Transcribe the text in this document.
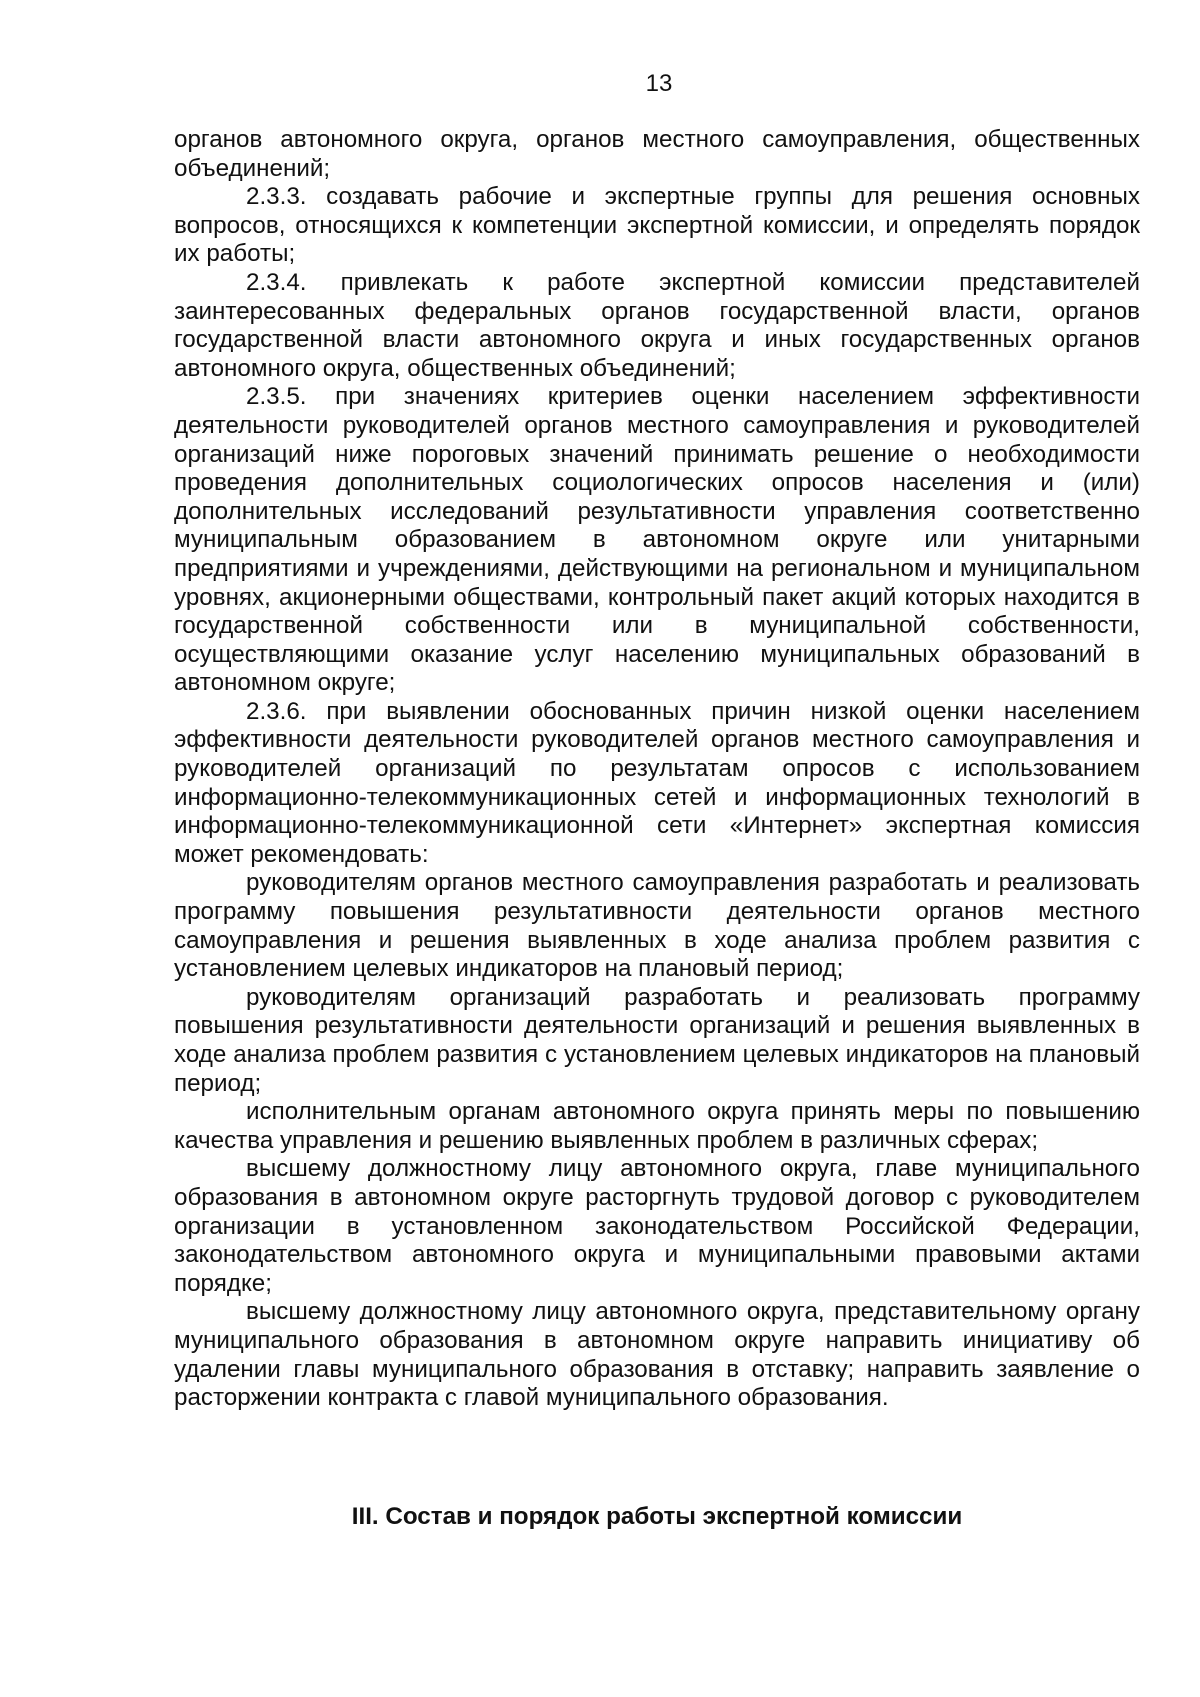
13

органов автономного округа, органов местного самоуправления, общественных объединений;

2.3.3. создавать рабочие и экспертные группы для решения основных вопросов, относящихся к компетенции экспертной комиссии, и определять порядок их работы;

2.3.4. привлекать к работе экспертной комиссии представителей заинтересованных федеральных органов государственной власти, органов государственной власти автономного округа и иных государственных органов автономного округа, общественных объединений;

2.3.5. при значениях критериев оценки населением эффективности деятельности руководителей органов местного самоуправления и руководителей организаций ниже пороговых значений принимать решение о необходимости проведения дополнительных социологических опросов населения и (или) дополнительных исследований результативности управления соответственно муниципальным образованием в автономном округе или унитарными предприятиями и учреждениями, действующими на региональном и муниципальном уровнях, акционерными обществами, контрольный пакет акций которых находится в государственной собственности или в муниципальной собственности, осуществляющими оказание услуг населению муниципальных образований в автономном округе;

2.3.6. при выявлении обоснованных причин низкой оценки населением эффективности деятельности руководителей органов местного самоуправления и руководителей организаций по результатам опросов с использованием информационно-телекоммуникационных сетей и информационных технологий в информационно-телекоммуникационной сети «Интернет» экспертная комиссия может рекомендовать:

руководителям органов местного самоуправления разработать и реализовать программу повышения результативности деятельности органов местного самоуправления и решения выявленных в ходе анализа проблем развития с установлением целевых индикаторов на плановый период;

руководителям организаций разработать и реализовать программу повышения результативности деятельности организаций и решения выявленных в ходе анализа проблем развития с установлением целевых индикаторов на плановый период;

исполнительным органам автономного округа принять меры по повышению качества управления и решению выявленных проблем в различных сферах;

высшему должностному лицу автономного округа, главе муниципального образования в автономном округе расторгнуть трудовой договор с руководителем организации в установленном законодательством Российской Федерации, законодательством автономного округа и муниципальными правовыми актами порядке;

высшему должностному лицу автономного округа, представительному органу муниципального образования в автономном округе направить инициативу об удалении главы муниципального образования в отставку; направить заявление о расторжении контракта с главой муниципального образования.

III. Состав и порядок работы экспертной комиссии
